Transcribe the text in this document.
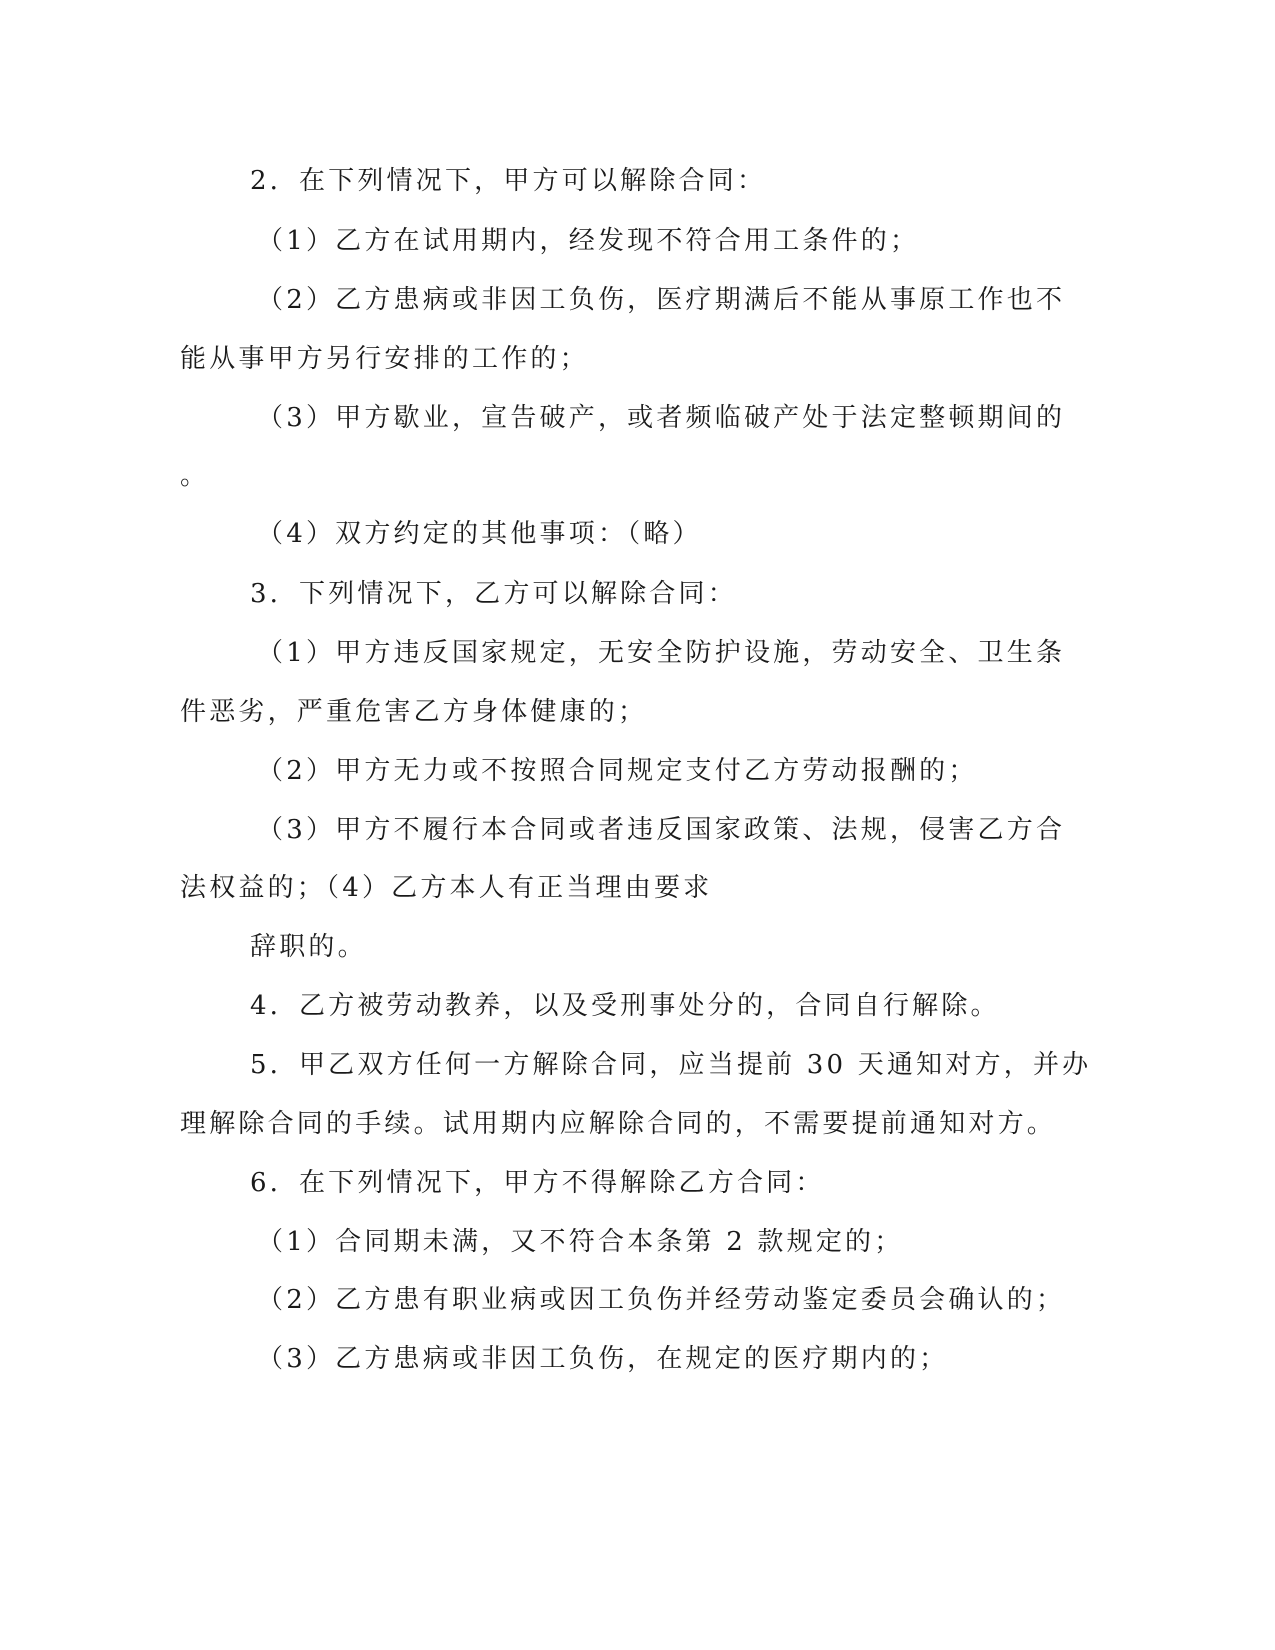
2．在下列情况下，甲方可以解除合同：

（1）乙方在试用期内，经发现不符合用工条件的；

（2）乙方患病或非因工负伤，医疗期满后不能从事原工作也不

能从事甲方另行安排的工作的；

（3）甲方歇业，宣告破产，或者频临破产处于法定整顿期间的

。

（4）双方约定的其他事项：（略）

3．下列情况下，乙方可以解除合同：

（1）甲方违反国家规定，无安全防护设施，劳动安全、卫生条

件恶劣，严重危害乙方身体健康的；

（2）甲方无力或不按照合同规定支付乙方劳动报酬的；

（3）甲方不履行本合同或者违反国家政策、法规，侵害乙方合

法权益的；（4）乙方本人有正当理由要求

辞职的。

4．乙方被劳动教养，以及受刑事处分的，合同自行解除。

5．甲乙双方任何一方解除合同，应当提前 30 天通知对方，并办

理解除合同的手续。试用期内应解除合同的，不需要提前通知对方。

6．在下列情况下，甲方不得解除乙方合同：

（1）合同期未满，又不符合本条第 2 款规定的；

（2）乙方患有职业病或因工负伤并经劳动鉴定委员会确认的；

（3）乙方患病或非因工负伤，在规定的医疗期内的；
